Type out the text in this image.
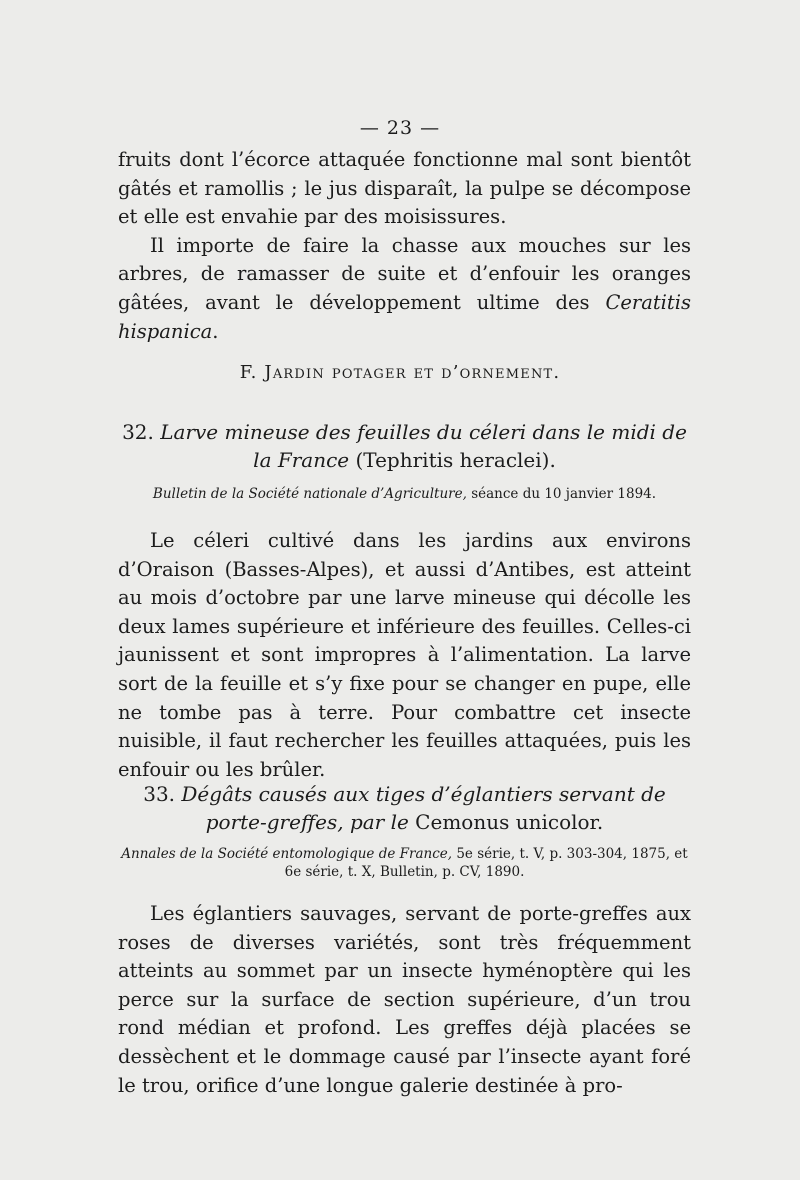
— 23 —

fruits dont l’écorce attaquée fonctionne mal sont bientôt gâtés et ramollis ; le jus disparaît, la pulpe se décompose et elle est envahie par des moisissures.

Il importe de faire la chasse aux mouches sur les arbres, de ramasser de suite et d’enfouir les oranges gâtées, avant le développement ultime des Ceratitis hispanica.

F. Jardin potager et d’ornement.
32. Larve mineuse des feuilles du céleri dans le midi de la France (Tephritis heraclei).
Bulletin de la Société nationale d’Agriculture, séance du 10 janvier 1894.

Le céleri cultivé dans les jardins aux environs d’Oraison (Basses-Alpes), et aussi d’Antibes, est atteint au mois d’octobre par une larve mineuse qui décolle les deux lames supérieure et inférieure des feuilles. Celles-ci jaunissent et sont impropres à l’alimentation. La larve sort de la feuille et s’y fixe pour se changer en pupe, elle ne tombe pas à terre. Pour combattre cet insecte nuisible, il faut rechercher les feuilles attaquées, puis les enfouir ou les brûler.

33. Dégâts causés aux tiges d’églantiers servant de porte-greffes, par le Cemonus unicolor.
Annales de la Société entomologique de France, 5e série, t. V, p. 303-304, 1875, et 6e série, t. X, Bulletin, p. CV, 1890.

Les églantiers sauvages, servant de porte-greffes aux roses de diverses variétés, sont très fréquemment atteints au sommet par un insecte hyménoptère qui les perce sur la surface de section supérieure, d’un trou rond médian et profond. Les greffes déjà placées se dessèchent et le dommage causé par l’insecte ayant foré le trou, orifice d’une longue galerie destinée à pro-
